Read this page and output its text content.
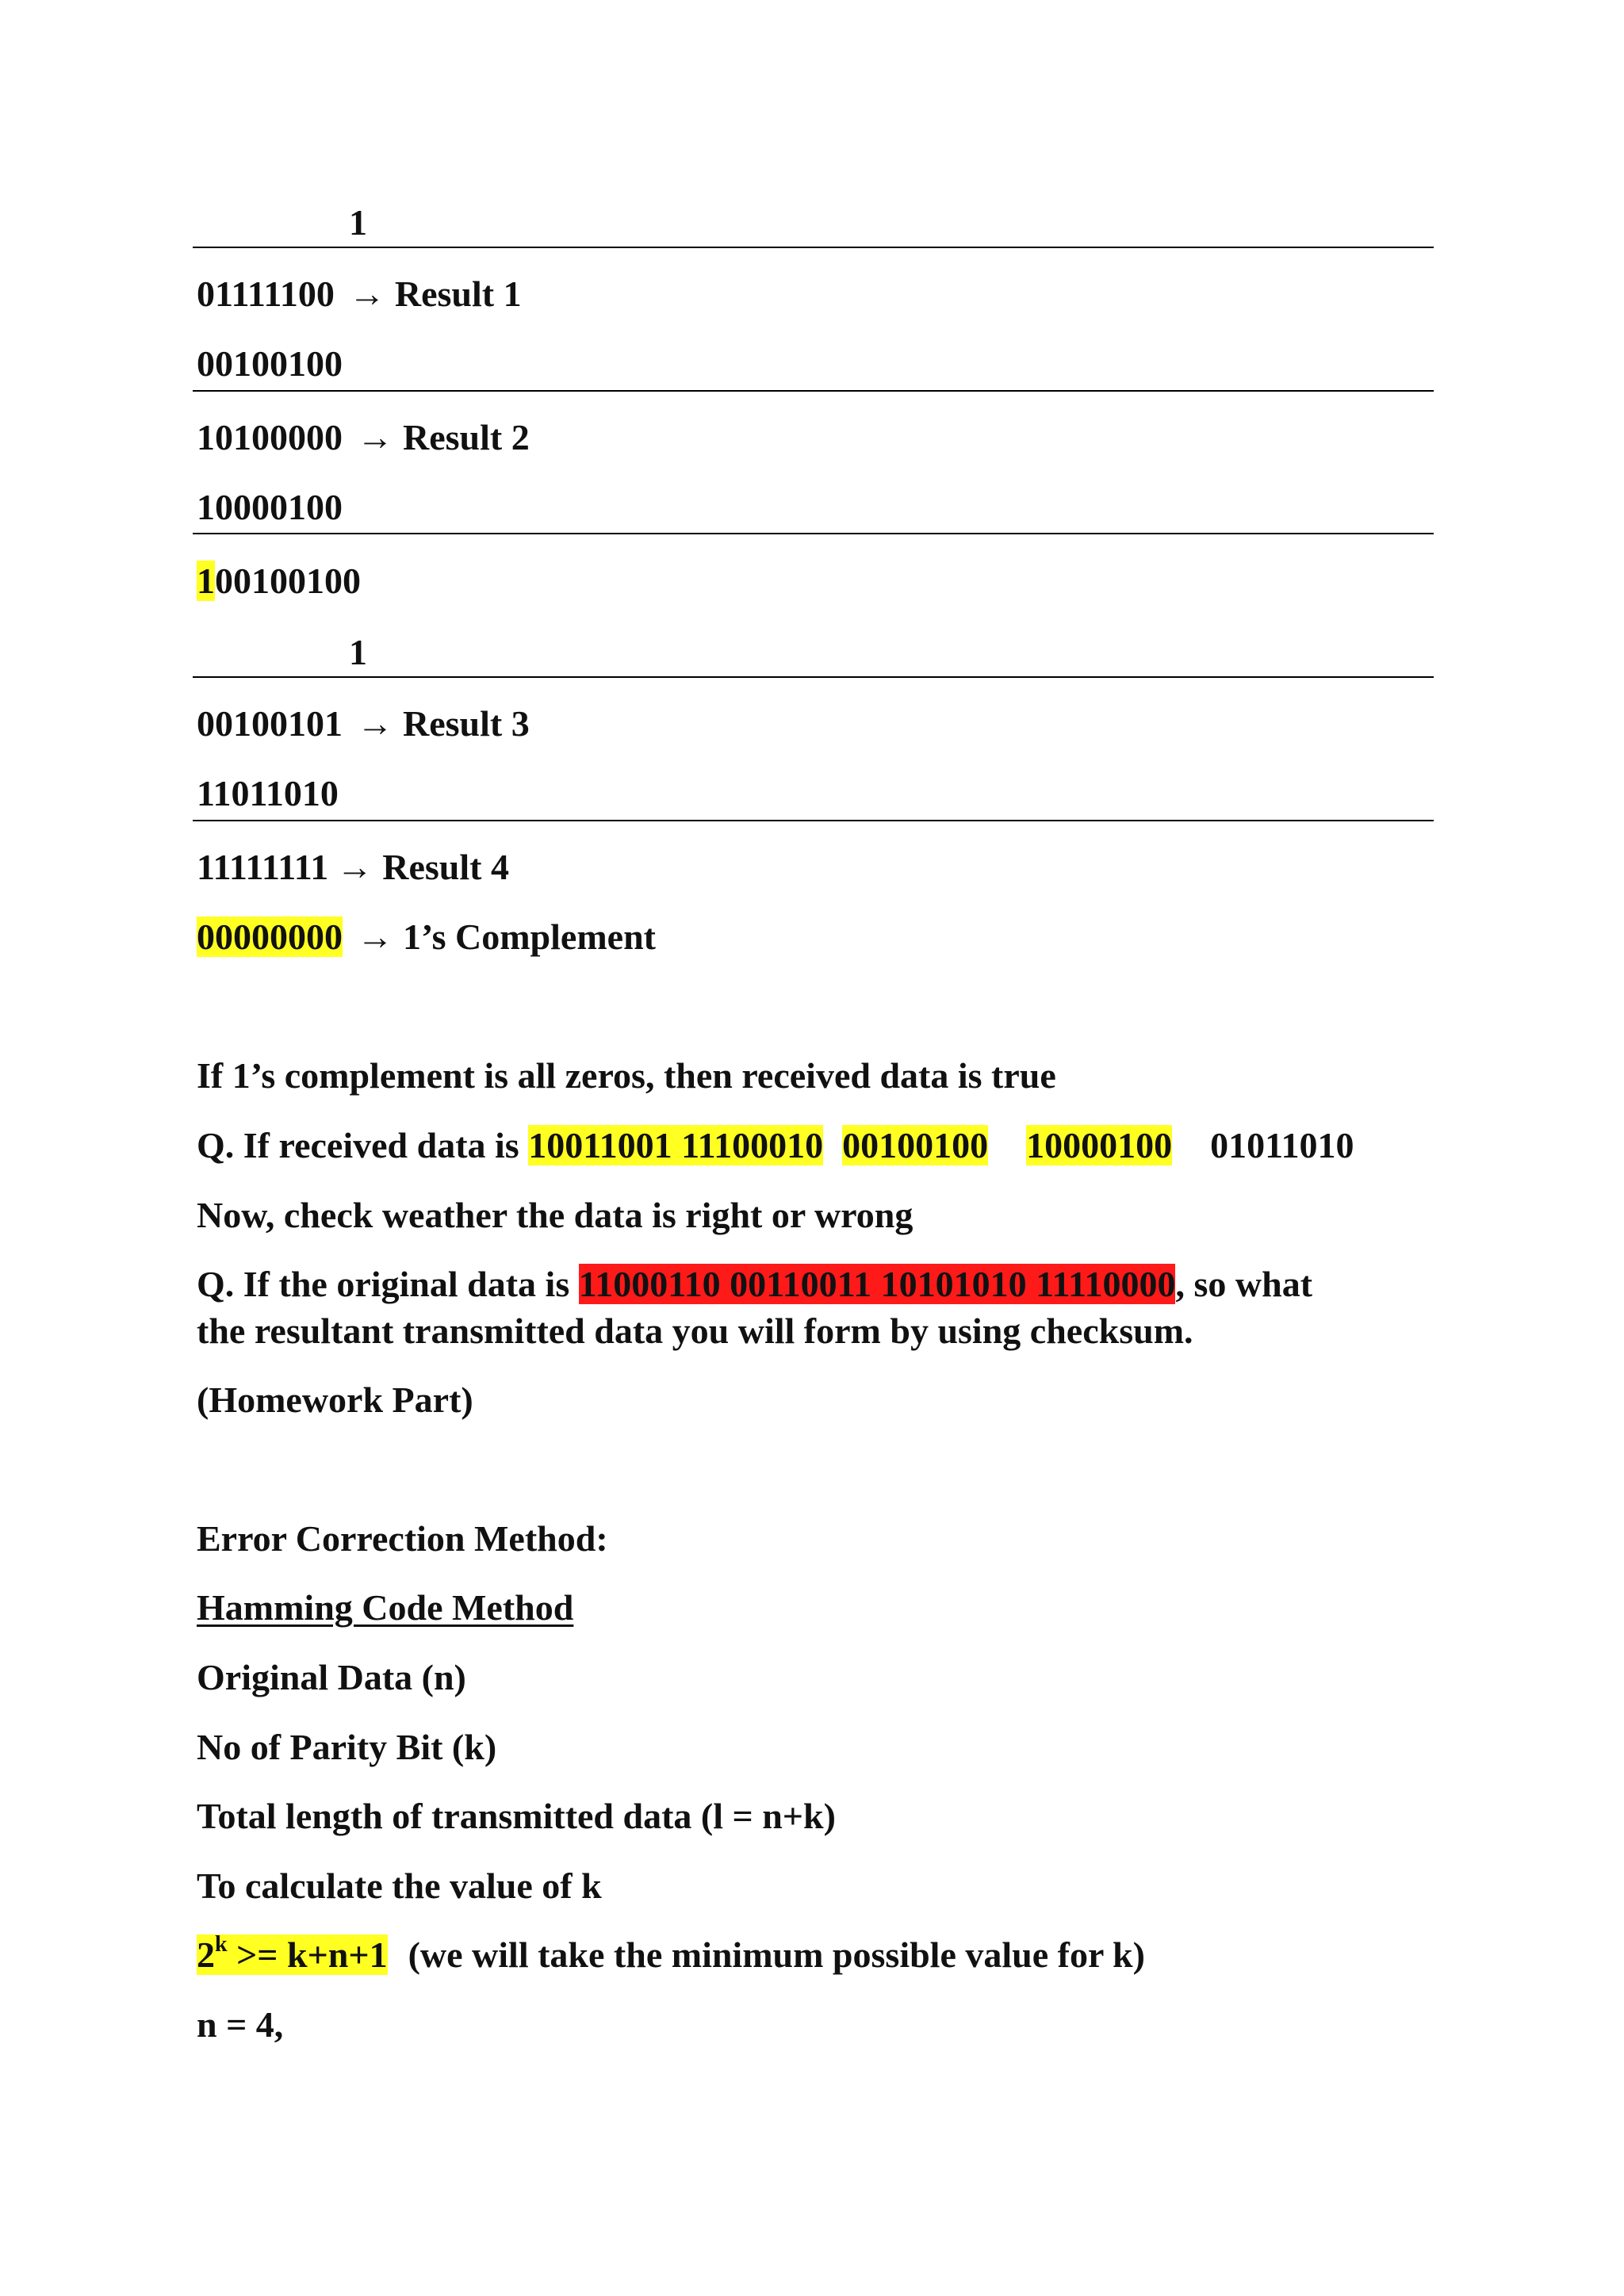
1
01111100 → Result 1
00100100
10100000 → Result 2
10000100
100100100
1
00100101 → Result 3
11011010
11111111 → Result 4
00000000 → 1’s Complement
If 1’s complement is all zeros, then received data is true
Q. If received data is 10011001 11100010 00100100 10000100 01011010
Now, check weather the data is right or wrong
Q. If the original data is 11000110 00110011 10101010 11110000, so what
the resultant transmitted data you will form by using checksum.
(Homework Part)
Error Correction Method:
Hamming Code Method
Original Data (n)
No of Parity Bit (k)
Total length of transmitted data (l = n+k)
To calculate the value of k
$2^k >= k+n+1$ (we will take the minimum possible value for k)
n = 4,
